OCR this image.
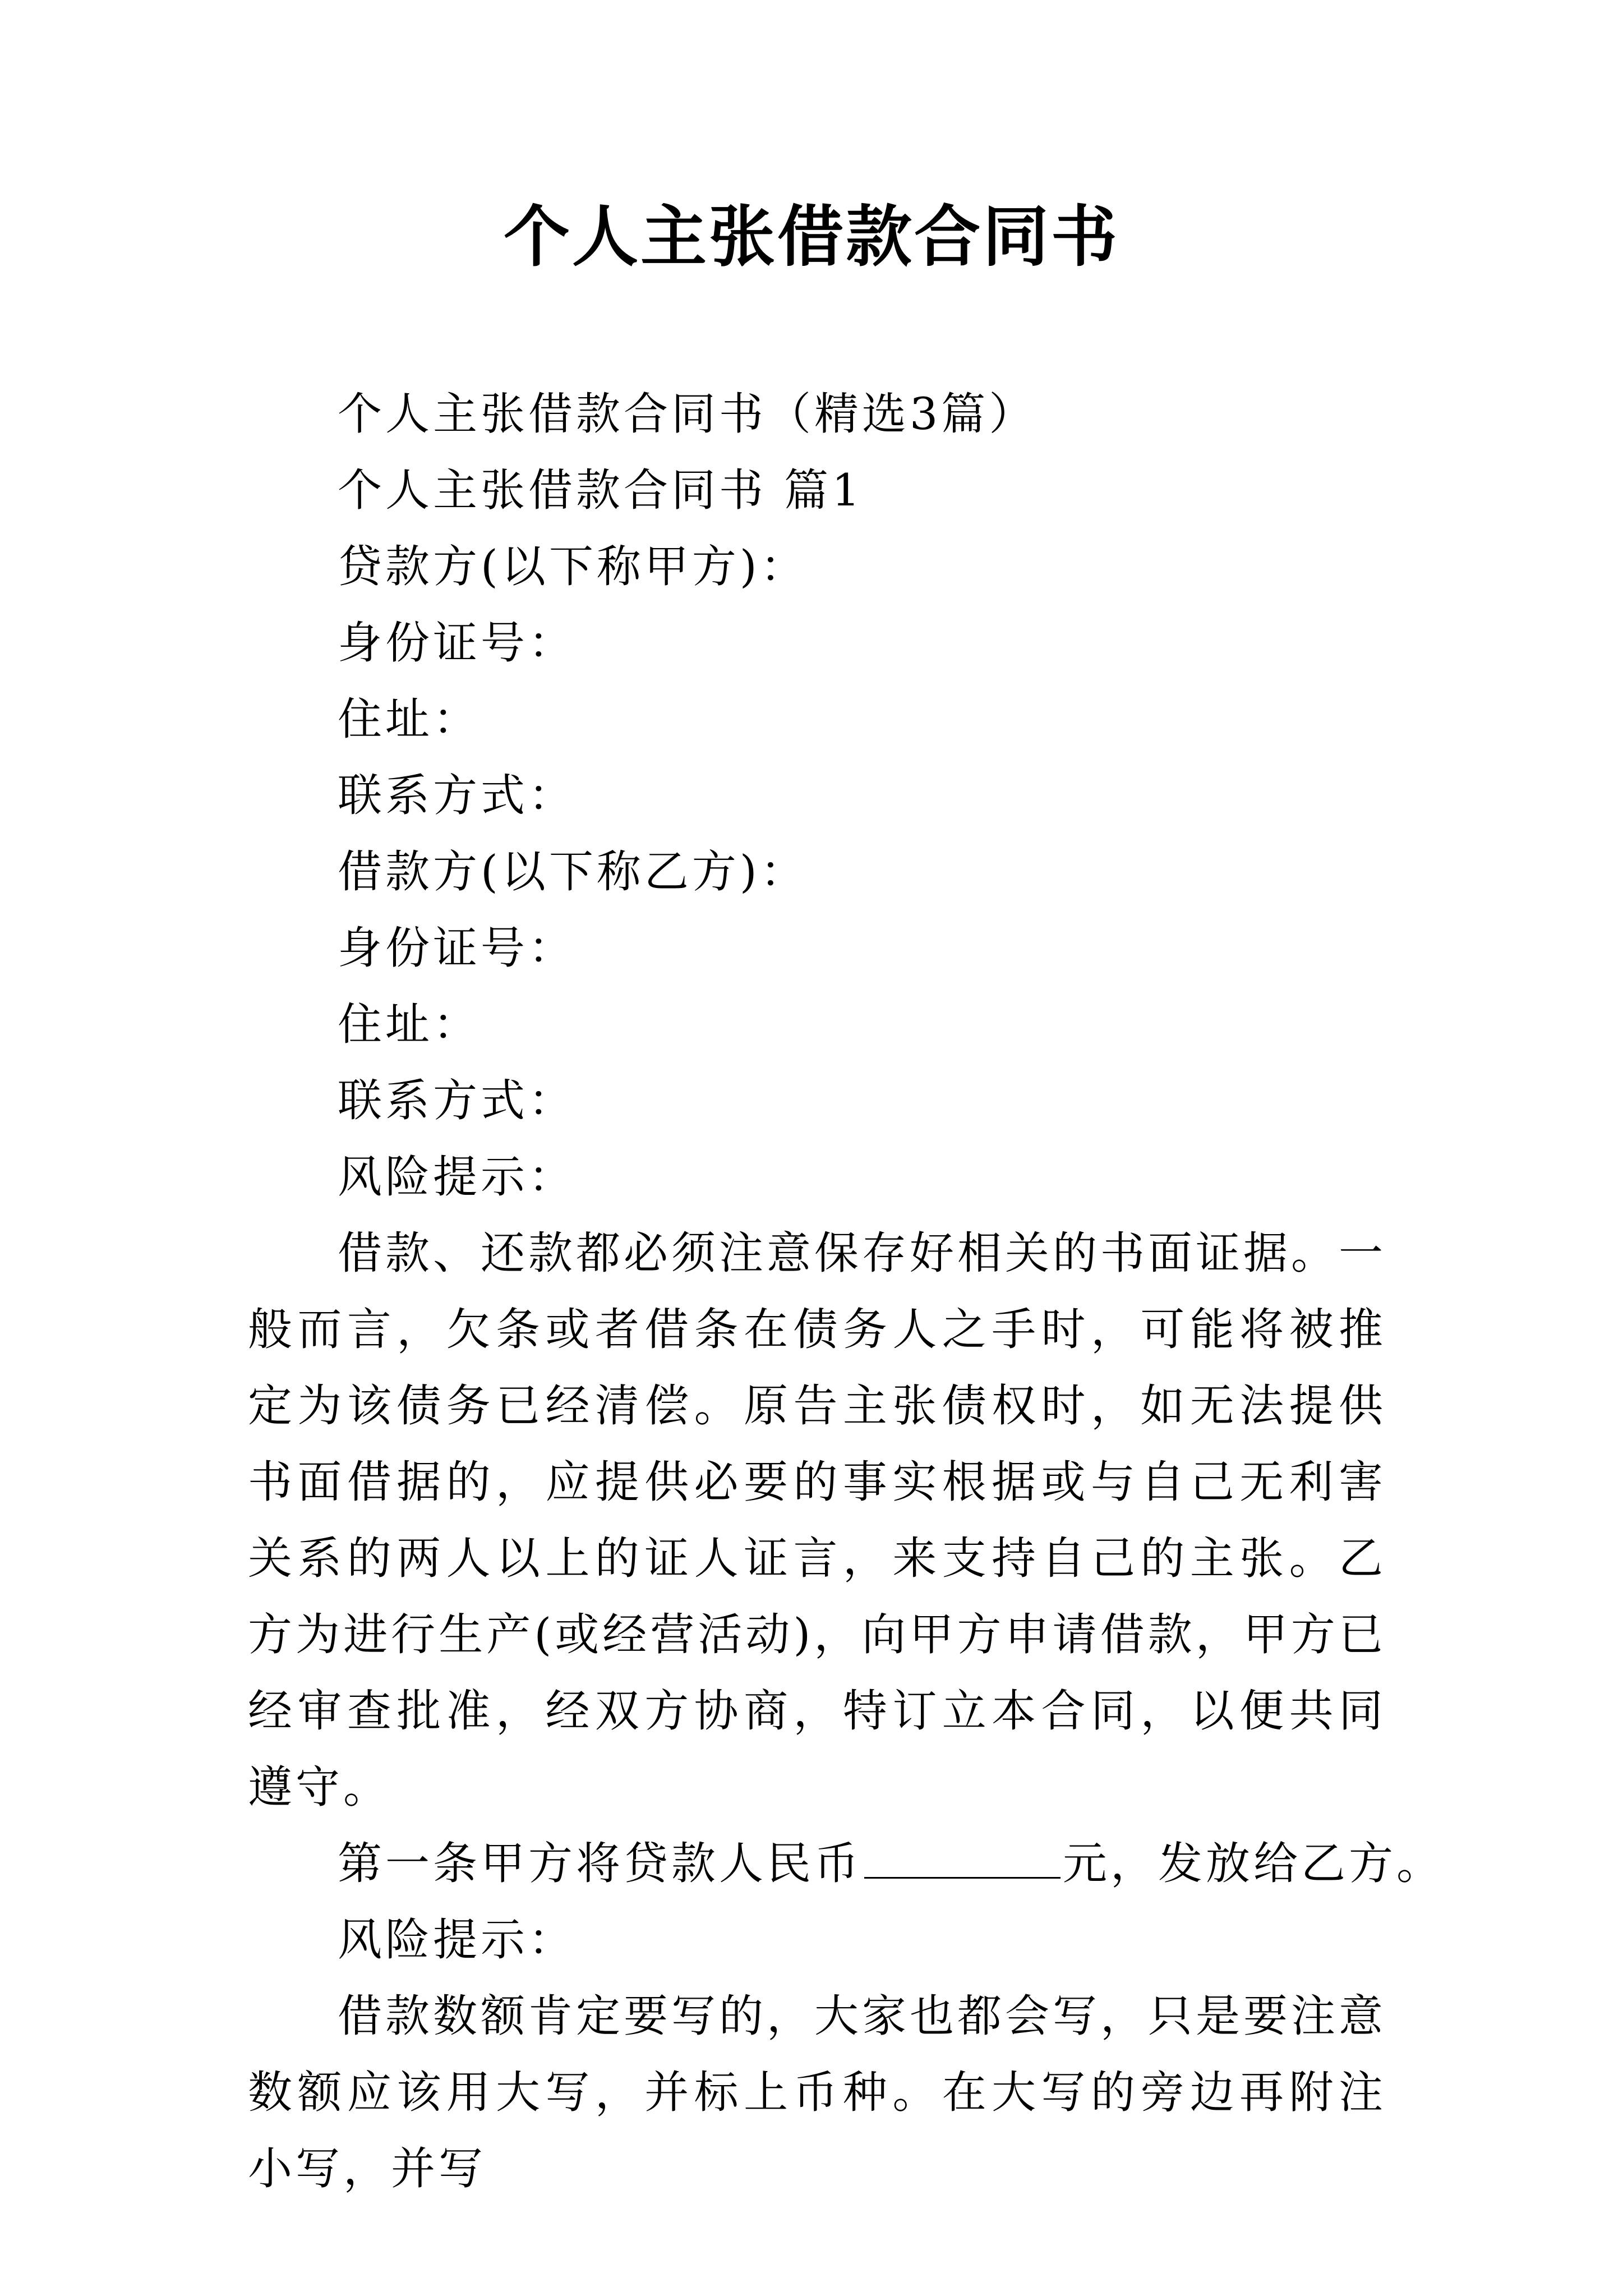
个人主张借款合同书
个人主张借款合同书（精选3篇）
个人主张借款合同书 篇1
贷款方(以下称甲方)：
身份证号：
住址：
联系方式：
借款方(以下称乙方)：
身份证号：
住址：
联系方式：
风险提示：
借款、还款都必须注意保存好相关的书面证据。一般而言，欠条或者借条在债务人之手时，可能将被推定为该债务已经清偿。原告主张债权时，如无法提供书面借据的，应提供必要的事实根据或与自己无利害关系的两人以上的证人证言，来支持自己的主张。乙方为进行生产(或经营活动)，向甲方申请借款，甲方已经审查批准，经双方协商，特订立本合同，以便共同遵守。
第一条甲方将贷款人民币	元，发放给乙方。
风险提示：
借款数额肯定要写的，大家也都会写，只是要注意数额应该用大写，并标上币种。在大写的旁边再附注小写，并写
